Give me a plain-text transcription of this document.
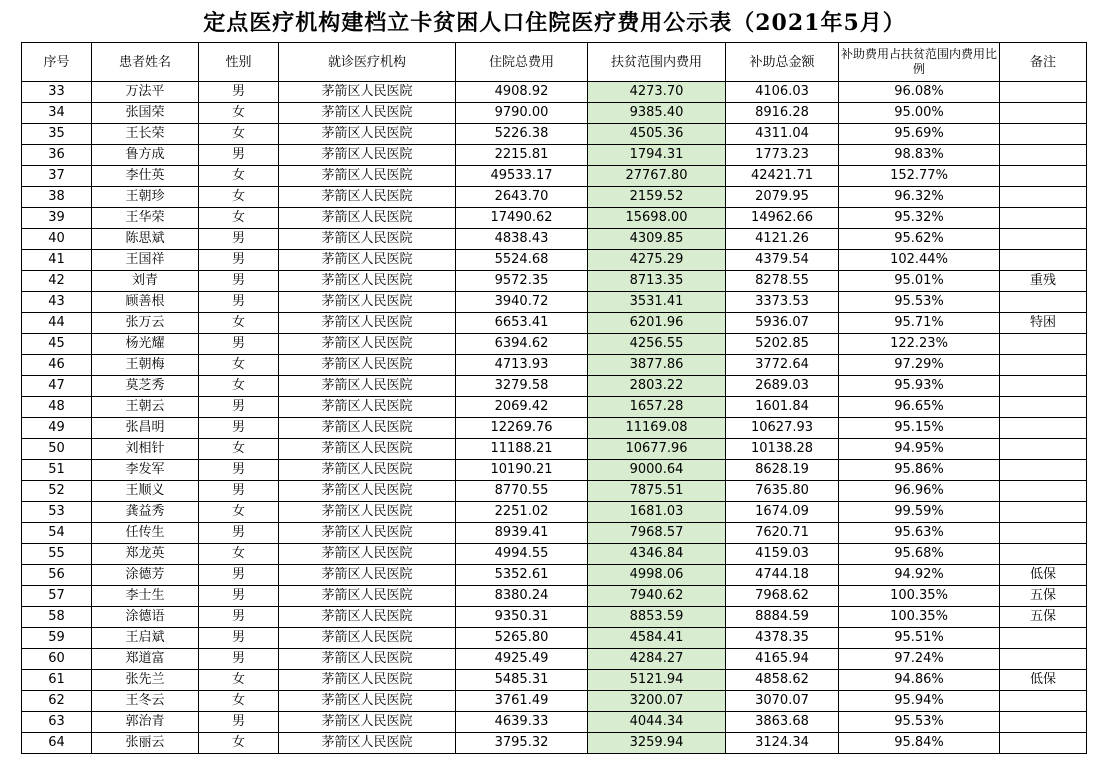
定点医疗机构建档立卡贫困人口住院医疗费用公示表（2021年5月）
序号	患者姓名	性别	就诊医疗机构	住院总费用	扶贫范围内费用	补助总金额	补助费用占扶贫范围内费用比例	备注
33	万法平	男	茅箭区人民医院	4908.92	4273.70	4106.03	96.08%	
34	张国荣	女	茅箭区人民医院	9790.00	9385.40	8916.28	95.00%	
35	王长荣	女	茅箭区人民医院	5226.38	4505.36	4311.04	95.69%	
36	鲁方成	男	茅箭区人民医院	2215.81	1794.31	1773.23	98.83%	
37	李仕英	女	茅箭区人民医院	49533.17	27767.80	42421.71	152.77%	
38	王朝珍	女	茅箭区人民医院	2643.70	2159.52	2079.95	96.32%	
39	王华荣	女	茅箭区人民医院	17490.62	15698.00	14962.66	95.32%	
40	陈思斌	男	茅箭区人民医院	4838.43	4309.85	4121.26	95.62%	
41	王国祥	男	茅箭区人民医院	5524.68	4275.29	4379.54	102.44%	
42	刘青	男	茅箭区人民医院	9572.35	8713.35	8278.55	95.01%	重残
43	顾善根	男	茅箭区人民医院	3940.72	3531.41	3373.53	95.53%	
44	张万云	女	茅箭区人民医院	6653.41	6201.96	5936.07	95.71%	特困
45	杨光耀	男	茅箭区人民医院	6394.62	4256.55	5202.85	122.23%	
46	王朝梅	女	茅箭区人民医院	4713.93	3877.86	3772.64	97.29%	
47	莫芝秀	女	茅箭区人民医院	3279.58	2803.22	2689.03	95.93%	
48	王朝云	男	茅箭区人民医院	2069.42	1657.28	1601.84	96.65%	
49	张昌明	男	茅箭区人民医院	12269.76	11169.08	10627.93	95.15%	
50	刘相针	女	茅箭区人民医院	11188.21	10677.96	10138.28	94.95%	
51	李发军	男	茅箭区人民医院	10190.21	9000.64	8628.19	95.86%	
52	王顺义	男	茅箭区人民医院	8770.55	7875.51	7635.80	96.96%	
53	龚益秀	女	茅箭区人民医院	2251.02	1681.03	1674.09	99.59%	
54	任传生	男	茅箭区人民医院	8939.41	7968.57	7620.71	95.63%	
55	郑龙英	女	茅箭区人民医院	4994.55	4346.84	4159.03	95.68%	
56	涂德芳	男	茅箭区人民医院	5352.61	4998.06	4744.18	94.92%	低保
57	李士生	男	茅箭区人民医院	8380.24	7940.62	7968.62	100.35%	五保
58	涂德语	男	茅箭区人民医院	9350.31	8853.59	8884.59	100.35%	五保
59	王启斌	男	茅箭区人民医院	5265.80	4584.41	4378.35	95.51%	
60	郑道富	男	茅箭区人民医院	4925.49	4284.27	4165.94	97.24%	
61	张先兰	女	茅箭区人民医院	5485.31	5121.94	4858.62	94.86%	低保
62	王冬云	女	茅箭区人民医院	3761.49	3200.07	3070.07	95.94%	
63	郭治青	男	茅箭区人民医院	4639.33	4044.34	3863.68	95.53%	
64	张丽云	女	茅箭区人民医院	3795.32	3259.94	3124.34	95.84%	
